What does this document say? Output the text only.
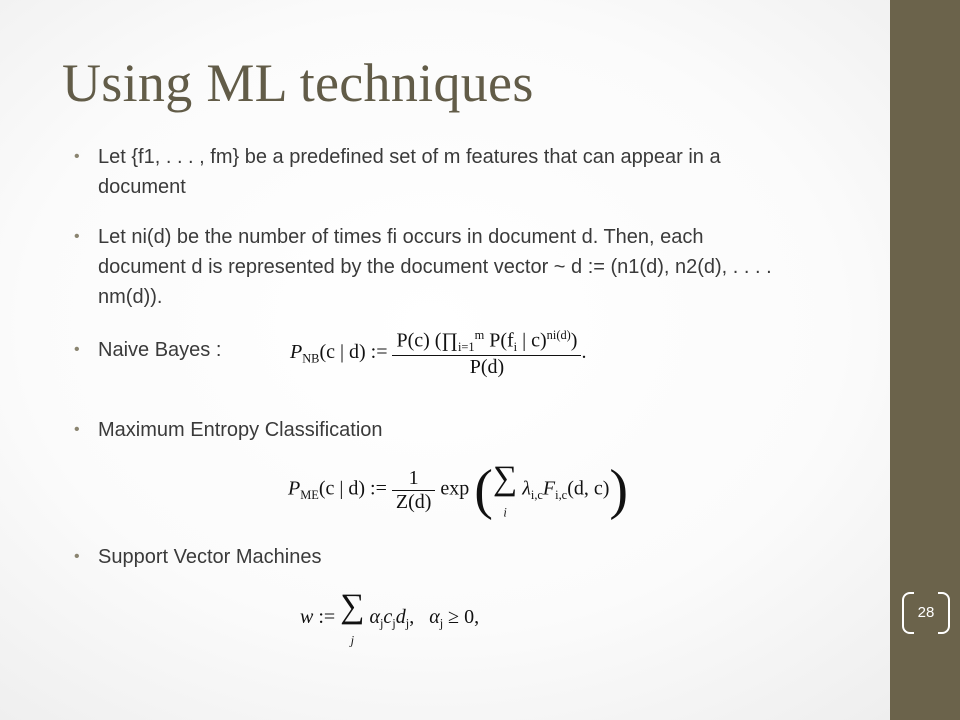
28
Using ML techniques
• Let {f1, . . . , fm} be a predefined set of m features that can appear in a document
• Let ni(d) be the number of times fi occurs in document d. Then, each document d is represented by the document vector ~ d := (n1(d), n2(d), . . . . nm(d)).
• Naive Bayes :
• Maximum Entropy Classification
• Support Vector Machines
$P_{NB}(c$ | d) := $\frac{P(c) (\prod_{i=1}^m P(f_i | c)^{ni(d)})}{P(d)}$ .
$P_{ME}(c$ | d) := $\frac{1}{Z(d)}$ exp ( ∑
$_i$ $\lambda_{i,c}F_{i,c}(d$, c))
w := ∑
$_j$ $\alpha_jc_jd_j$, $\alpha_j \ge 0$,
